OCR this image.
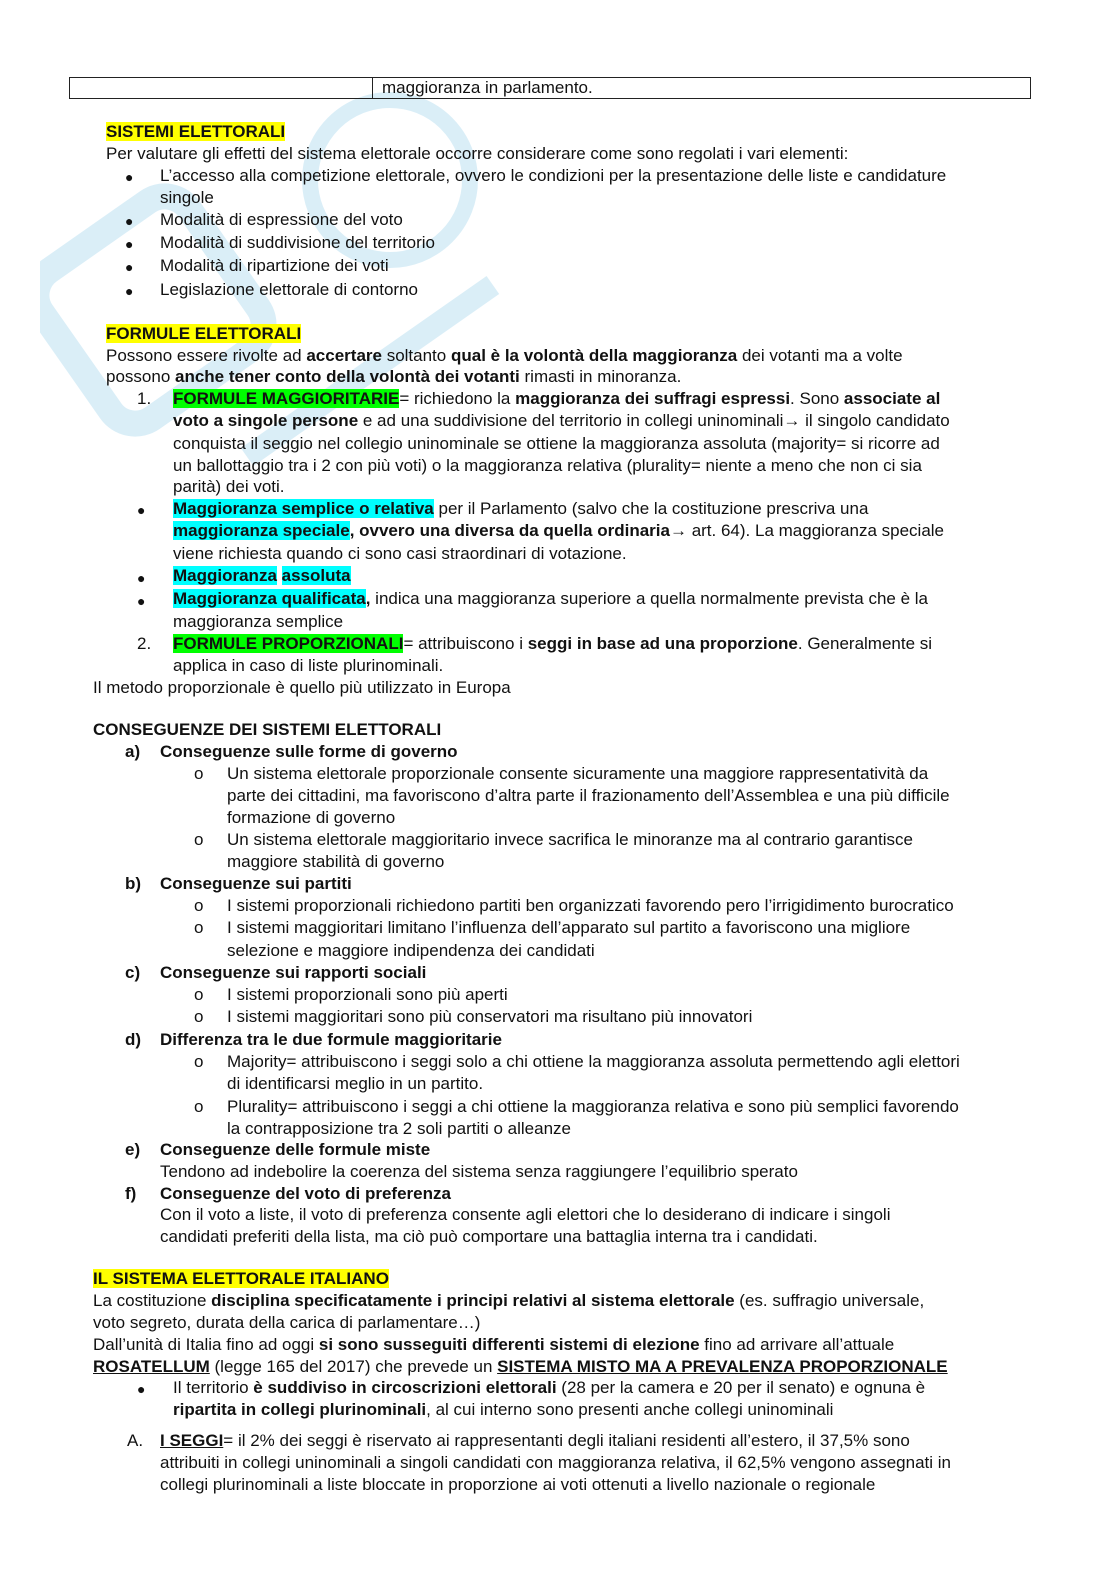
maggioranza in parlamento.
SISTEMI ELETTORALI
Per valutare gli effetti del sistema elettorale occorre considerare come sono regolati i vari elementi:
● L’accesso alla competizione elettorale, ovvero le condizioni per la presentazione delle liste e candidature
singole
● Modalità di espressione del voto
● Modalità di suddivisione del territorio
● Modalità di ripartizione dei voti
● Legislazione elettorale di contorno
FORMULE ELETTORALI
Possono essere rivolte ad accertare soltanto qual è la volontà della maggioranza dei votanti ma a volte
possono anche tener conto della volontà dei votanti rimasti in minoranza.
1. FORMULE MAGGIORITARIE= richiedono la maggioranza dei suffragi espressi. Sono associate al
voto a singole persone e ad una suddivisione del territorio in collegi uninominali→ il singolo candidato
conquista il seggio nel collegio uninominale se ottiene la maggioranza assoluta (majority= si ricorre ad
un ballottaggio tra i 2 con più voti) o la maggioranza relativa (plurality= niente a meno che non ci sia
parità) dei voti.
● Maggioranza semplice o relativa per il Parlamento (salvo che la costituzione prescriva una
maggioranza speciale, ovvero una diversa da quella ordinaria→ art. 64). La maggioranza speciale
viene richiesta quando ci sono casi straordinari di votazione.
● Maggioranza assoluta
● Maggioranza qualificata, indica una maggioranza superiore a quella normalmente prevista che è la
maggioranza semplice
2. FORMULE PROPORZIONALI= attribuiscono i seggi in base ad una proporzione. Generalmente si
applica in caso di liste plurinominali.
Il metodo proporzionale è quello più utilizzato in Europa
CONSEGUENZE DEI SISTEMI ELETTORALI
a) Conseguenze sulle forme di governo
o Un sistema elettorale proporzionale consente sicuramente una maggiore rappresentatività da
parte dei cittadini, ma favoriscono d’altra parte il frazionamento dell’Assemblea e una più difficile
formazione di governo
o Un sistema elettorale maggioritario invece sacrifica le minoranze ma al contrario garantisce
maggiore stabilità di governo
b) Conseguenze sui partiti
o I sistemi proporzionali richiedono partiti ben organizzati favorendo pero l’irrigidimento burocratico
o I sistemi maggioritari limitano l’influenza dell’apparato sul partito a favoriscono una migliore
selezione e maggiore indipendenza dei candidati
c) Conseguenze sui rapporti sociali
o I sistemi proporzionali sono più aperti
o I sistemi maggioritari sono più conservatori ma risultano più innovatori
d) Differenza tra le due formule maggioritarie
o Majority= attribuiscono i seggi solo a chi ottiene la maggioranza assoluta permettendo agli elettori
di identificarsi meglio in un partito.
o Plurality= attribuiscono i seggi a chi ottiene la maggioranza relativa e sono più semplici favorendo
la contrapposizione tra 2 soli partiti o alleanze
e) Conseguenze delle formule miste
Tendono ad indebolire la coerenza del sistema senza raggiungere l’equilibrio sperato
f) Conseguenze del voto di preferenza
Con il voto a liste, il voto di preferenza consente agli elettori che lo desiderano di indicare i singoli
candidati preferiti della lista, ma ciò può comportare una battaglia interna tra i candidati.
IL SISTEMA ELETTORALE ITALIANO
La costituzione disciplina specificatamente i principi relativi al sistema elettorale (es. suffragio universale,
voto segreto, durata della carica di parlamentare…)
Dall’unità di Italia fino ad oggi si sono susseguiti differenti sistemi di elezione fino ad arrivare all’attuale
ROSATELLUM (legge 165 del 2017) che prevede un SISTEMA MISTO MA A PREVALENZA PROPORZIONALE
● Il territorio è suddiviso in circoscrizioni elettorali (28 per la camera e 20 per il senato) e ognuna è
ripartita in collegi plurinominali, al cui interno sono presenti anche collegi uninominali
A. I SEGGI= il 2% dei seggi è riservato ai rappresentanti degli italiani residenti all’estero, il 37,5% sono
attribuiti in collegi uninominali a singoli candidati con maggioranza relativa, il 62,5% vengono assegnati in
collegi plurinominali a liste bloccate in proporzione ai voti ottenuti a livello nazionale o regionale
